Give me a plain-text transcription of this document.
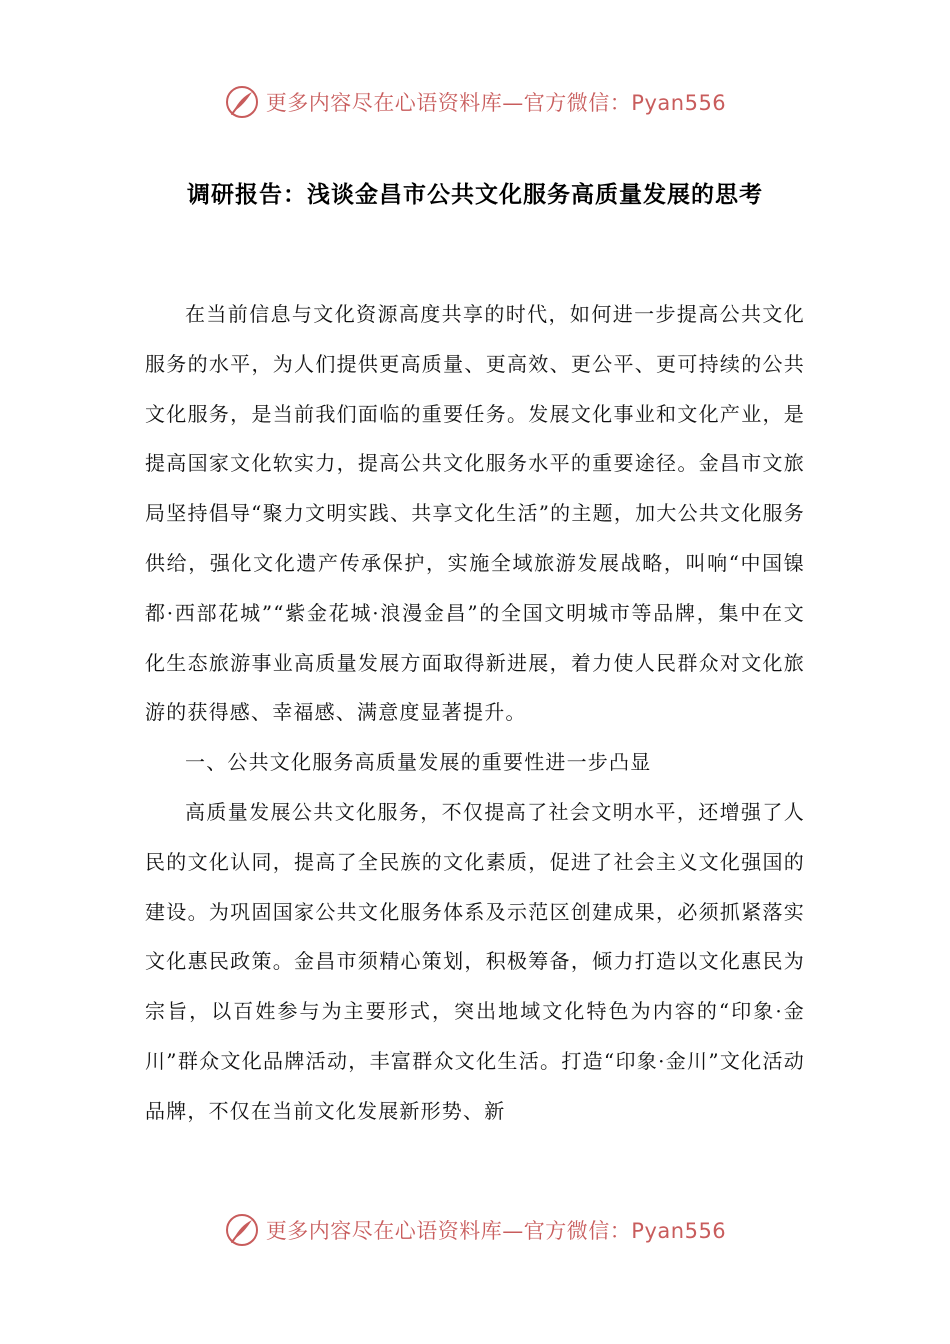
更多内容尽在心语资料库—官方微信：Pyan556
调研报告：浅谈金昌市公共文化服务高质量发展的思考

在当前信息与文化资源高度共享的时代，如何进一步提高公共文化服务的水平，为人们提供更高质量、更高效、更公平、更可持续的公共文化服务，是当前我们面临的重要任务。发展文化事业和文化产业，是提高国家文化软实力，提高公共文化服务水平的重要途径。金昌市文旅局坚持倡导“聚力文明实践、共享文化生活”的主题，加大公共文化服务供给，强化文化遗产传承保护，实施全域旅游发展战略，叫响“中国镍都·西部花城”“紫金花城·浪漫金昌”的全国文明城市等品牌，集中在文化生态旅游事业高质量发展方面取得新进展，着力使人民群众对文化旅游的获得感、幸福感、满意度显著提升。

一、公共文化服务高质量发展的重要性进一步凸显

高质量发展公共文化服务，不仅提高了社会文明水平，还增强了人民的文化认同，提高了全民族的文化素质，促进了社会主义文化强国的建设。为巩固国家公共文化服务体系及示范区创建成果，必须抓紧落实文化惠民政策。金昌市须精心策划，积极筹备，倾力打造以文化惠民为宗旨，以百姓参与为主要形式，突出地域文化特色为内容的“印象·金川”群众文化品牌活动，丰富群众文化生活。打造“印象·金川”文化活动品牌，不仅在当前文化发展新形势、新

更多内容尽在心语资料库—官方微信：Pyan556
